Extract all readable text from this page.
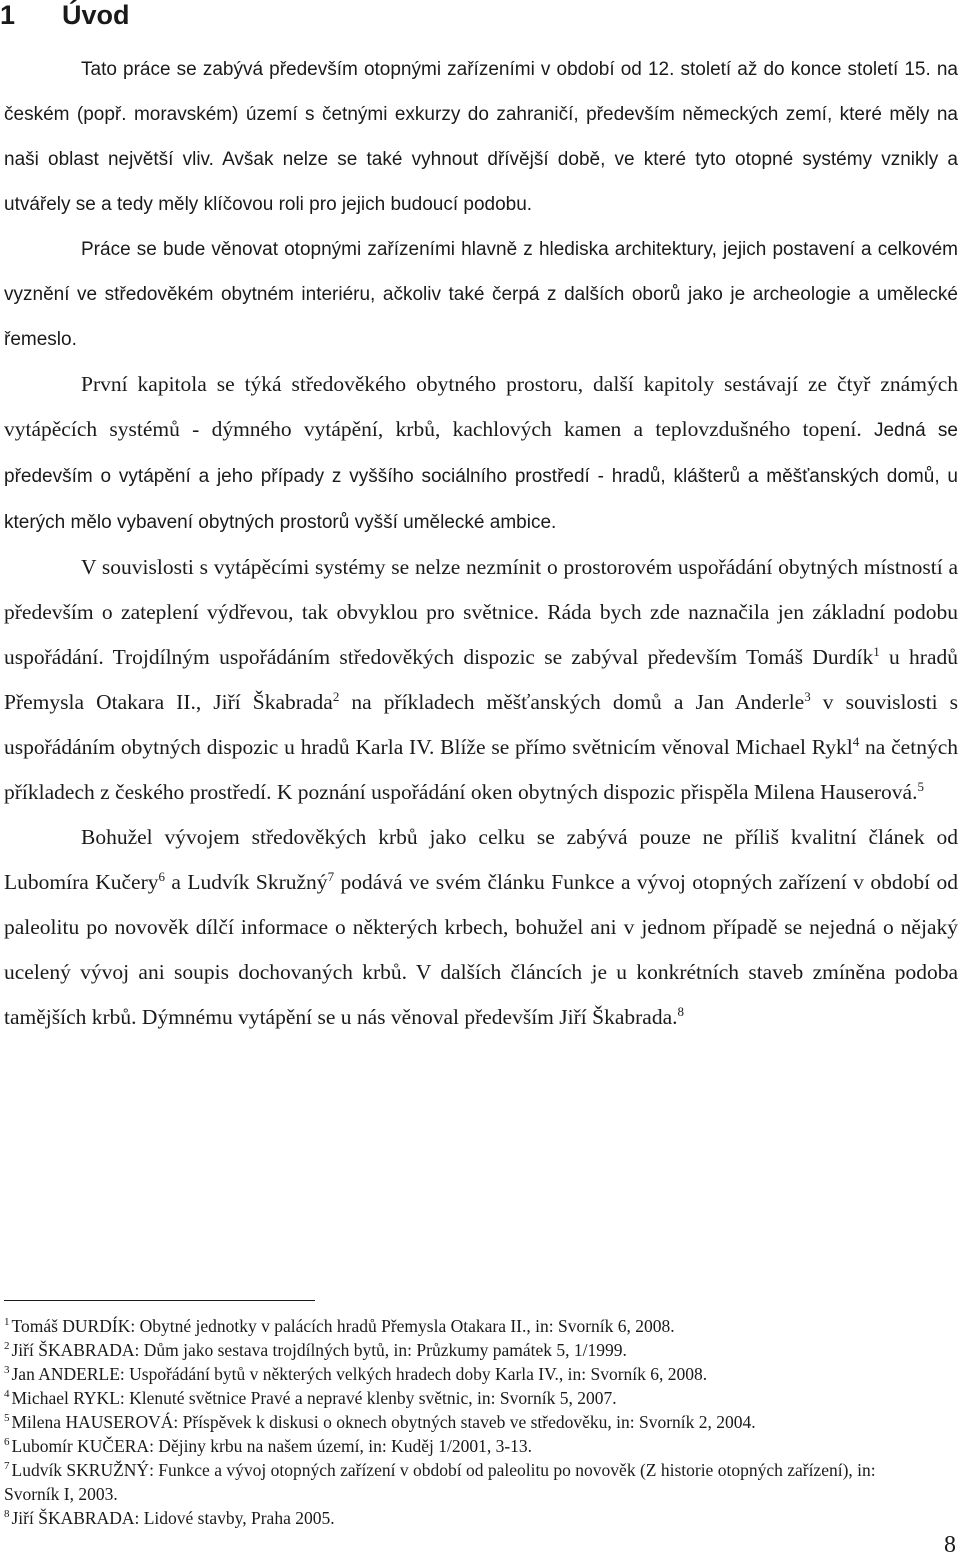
1 Úvod

Tato práce se zabývá především otopnými zařízeními v období od 12. století až do konce století 15. na českém (popř. moravském) území s četnými exkurzy do zahraničí, především německých zemí, které měly na naši oblast největší vliv. Avšak nelze se také vyhnout dřívější době, ve které tyto otopné systémy vznikly a utvářely se a tedy měly klíčovou roli pro jejich budoucí podobu.

Práce se bude věnovat otopnými zařízeními hlavně z hlediska architektury, jejich postavení a celkovém vyznění ve středověkém obytném interiéru, ačkoliv také čerpá z dalších oborů jako je archeologie a umělecké řemeslo.

První kapitola se týká středověkého obytného prostoru, další kapitoly sestávají ze čtyř známých vytápěcích systémů - dýmného vytápění, krbů, kachlových kamen a teplovzdušného topení. Jedná se především o vytápění a jeho případy z vyššího sociálního prostředí - hradů, klášterů a měšťanských domů, u kterých mělo vybavení obytných prostorů vyšší umělecké ambice.

V souvislosti s vytápěcími systémy se nelze nezmínit o prostorovém uspořádání obytných místností a především o zateplení výdřevou, tak obvyklou pro světnice. Ráda bych zde naznačila jen základní podobu uspořádání. Trojdílným uspořádáním středověkých dispozic se zabýval především Tomáš Durdík$^1$ u hradů Přemysla Otakara II., Jiří Škabrada$^2$ na příkladech měšťanských domů a Jan Anderle$^3$ v souvislosti s uspořádáním obytných dispozic u hradů Karla IV. Blíže se přímo světnicím věnoval Michael Rykl$^4$ na četných příkladech z českého prostředí. K poznání uspořádání oken obytných dispozic přispěla Milena Hauserová.$^5$

Bohužel vývojem středověkých krbů jako celku se zabývá pouze ne příliš kvalitní článek od Lubomíra Kučery$^6$ a Ludvík Skružný$^7$ podává ve svém článku Funkce a vývoj otopných zařízení v období od paleolitu po novověk dílčí informace o některých krbech, bohužel ani v jednom případě se nejedná o nějaký ucelený vývoj ani soupis dochovaných krbů. V dalších článcích je u konkrétních staveb zmíněna podoba tamějších krbů. Dýmnému vytápění se u nás věnoval především Jiří Škabrada.$^8$

$^1$ Tomáš DURDÍK: Obytné jednotky v palácích hradů Přemysla Otakara II., in: Svorník 6, 2008.

$^2$ Jiří ŠKABRADA: Dům jako sestava trojdílných bytů, in: Průzkumy památek 5, 1/1999.

$^3$ Jan ANDERLE: Uspořádání bytů v některých velkých hradech doby Karla IV., in: Svorník 6, 2008.

$^4$ Michael RYKL: Klenuté světnice Pravé a nepravé klenby světnic, in: Svorník 5, 2007.

$^5$ Milena HAUSEROVÁ: Příspěvek k diskusi o oknech obytných staveb ve středověku, in: Svorník 2, 2004.

$^6$ Lubomír KUČERA: Dějiny krbu na našem území, in: Kuděj 1/2001, 3-13.

$^7$ Ludvík SKRUŽNÝ: Funkce a vývoj otopných zařízení v období od paleolitu po novověk (Z historie otopných zařízení), in: Svorník I, 2003.

$^8$ Jiří ŠKABRADA: Lidové stavby, Praha 2005.

8
